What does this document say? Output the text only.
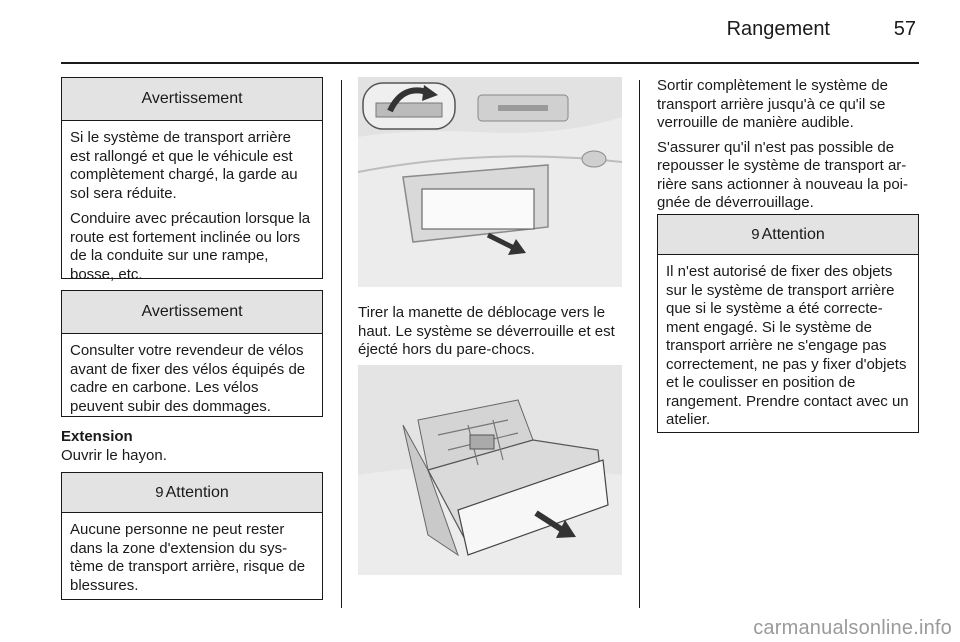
Rangement	57
Avertissement

Si le système de transport arrière est rallongé et que le véhicule est complètement chargé, la garde au sol sera réduite.

Conduire avec précaution lorsque la route est fortement inclinée ou lors de la conduite sur une rampe, bosse, etc.

Avertissement

Consulter votre revendeur de vélos avant de fixer des vélos équipés de cadre en carbone. Les vélos peuvent subir des dommages.

Extension
Ouvrir le hayon.
9 Attention

Aucune personne ne peut rester dans la zone d'extension du système de transport arrière, risque de blessures.

Tirer la manette de déblocage vers le haut. Le système se déverrouille et est éjecté hors du pare-chocs.

Sortir complètement le système de transport arrière jusqu'à ce qu'il se verrouille de manière audible.

S'assurer qu'il n'est pas possible de repousser le système de transport arrière sans actionner à nouveau la poignée de déverrouillage.

9 Attention

Il n'est autorisé de fixer des objets sur le système de transport arrière que si le système a été correctement engagé. Si le système de transport arrière ne s'engage pas correctement, ne pas y fixer d'objets et le coulisser en position de rangement. Prendre contact avec un atelier.

carmanualsonline.info
